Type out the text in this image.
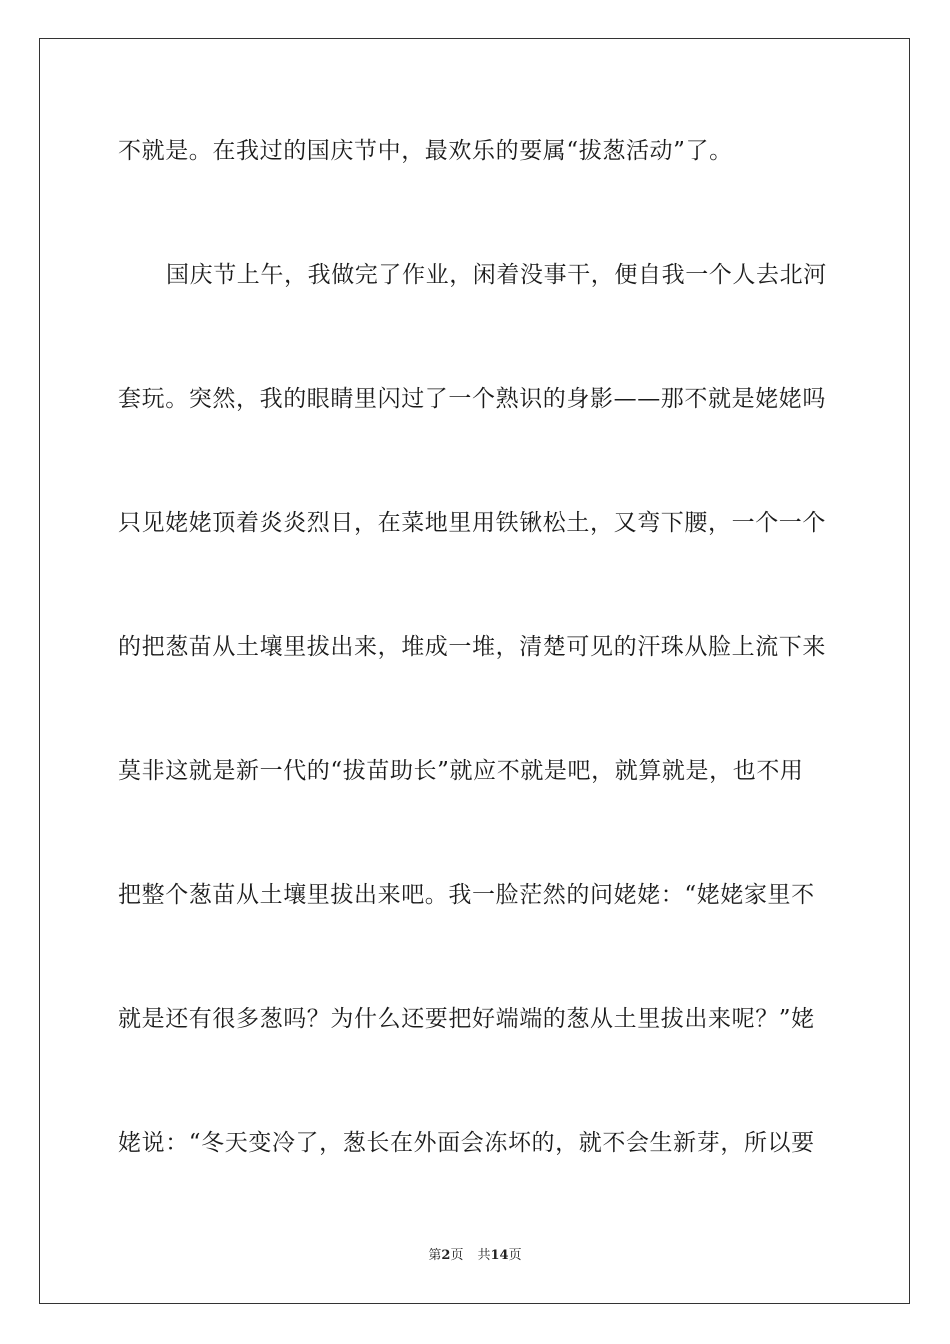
不就是。在我过的国庆节中，最欢乐的要属“拔葱活动”了。
国庆节上午，我做完了作业，闲着没事干，便自我一个人去北河
套玩。突然，我的眼睛里闪过了一个熟识的身影——那不就是姥姥吗
只见姥姥顶着炎炎烈日，在菜地里用铁锹松土，又弯下腰，一个一个
的把葱苗从土壤里拔出来，堆成一堆，清楚可见的汗珠从脸上流下来
莫非这就是新一代的“拔苗助长”就应不就是吧，就算就是，也不用
把整个葱苗从土壤里拔出来吧。我一脸茫然的问姥姥：“姥姥家里不
就是还有很多葱吗？为什么还要把好端端的葱从土里拔出来呢？”姥
姥说：“冬天变冷了，葱长在外面会冻坏的，就不会生新芽，所以要
第2页 共14页
